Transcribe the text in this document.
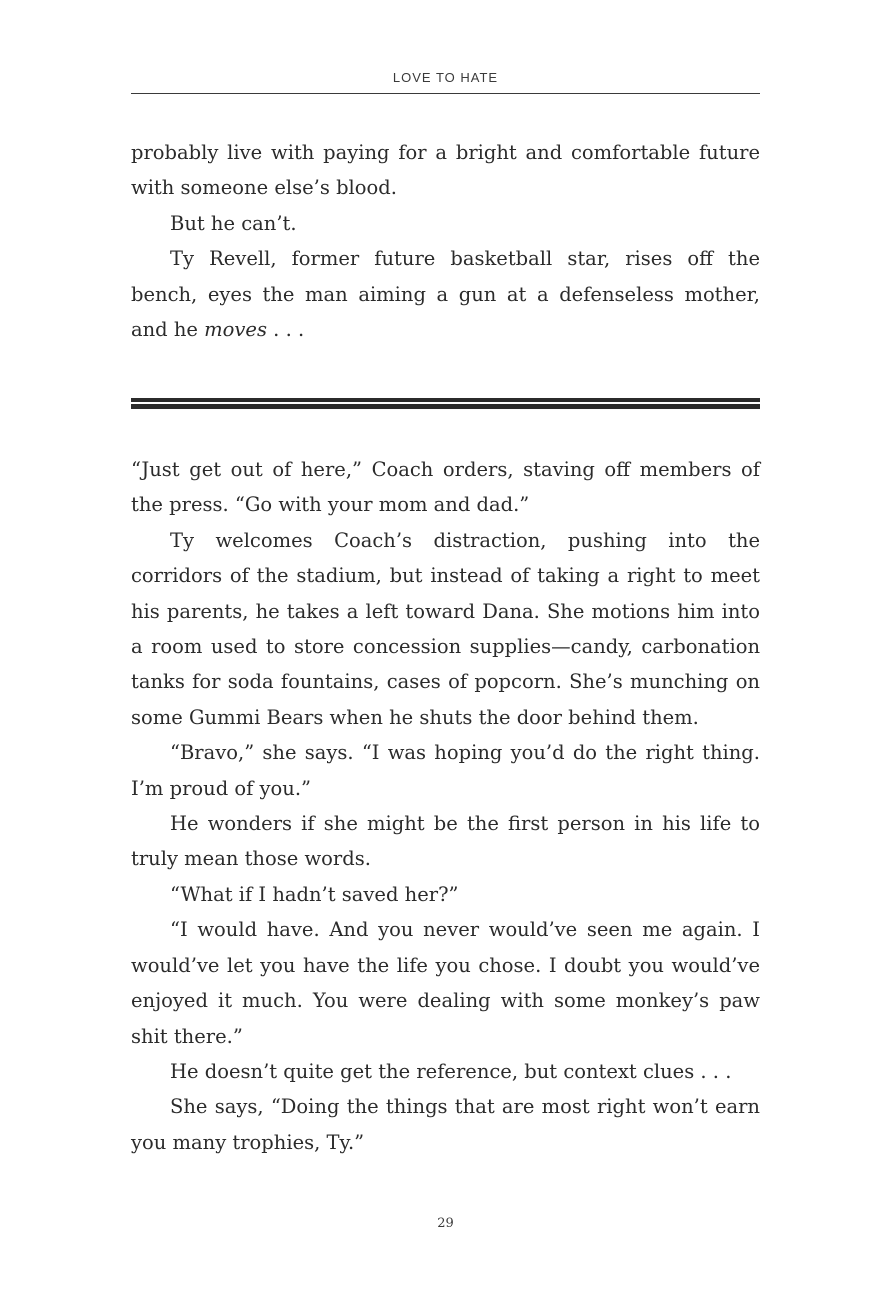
LOVE TO HATE

probably live with paying for a bright and comfortable future with someone else’s blood.

But he can’t.

Ty Revell, former future basketball star, rises off the bench, eyes the man aiming a gun at a defenseless mother,

and he moves . . .

“Just get out of here,” Coach orders, staving off members of the press. “Go with your mom and dad.”

Ty welcomes Coach’s distraction, pushing into the corridors of the stadium, but instead of taking a right to meet his parents, he takes a left toward Dana. She motions him into a room used to store concession supplies—candy, carbonation tanks for soda fountains, cases of popcorn. She’s munching on some Gummi Bears when he shuts the door behind them.

“Bravo,” she says. “I was hoping you’d do the right thing. I’m proud of you.”

He wonders if she might be the first person in his life to truly mean those words.

“What if I hadn’t saved her?”

“I would have. And you never would’ve seen me again. I would’ve let you have the life you chose. I doubt you would’ve enjoyed it much. You were dealing with some monkey’s paw shit there.”

He doesn’t quite get the reference, but context clues . . .

She says, “Doing the things that are most right won’t earn you many trophies, Ty.”

29
